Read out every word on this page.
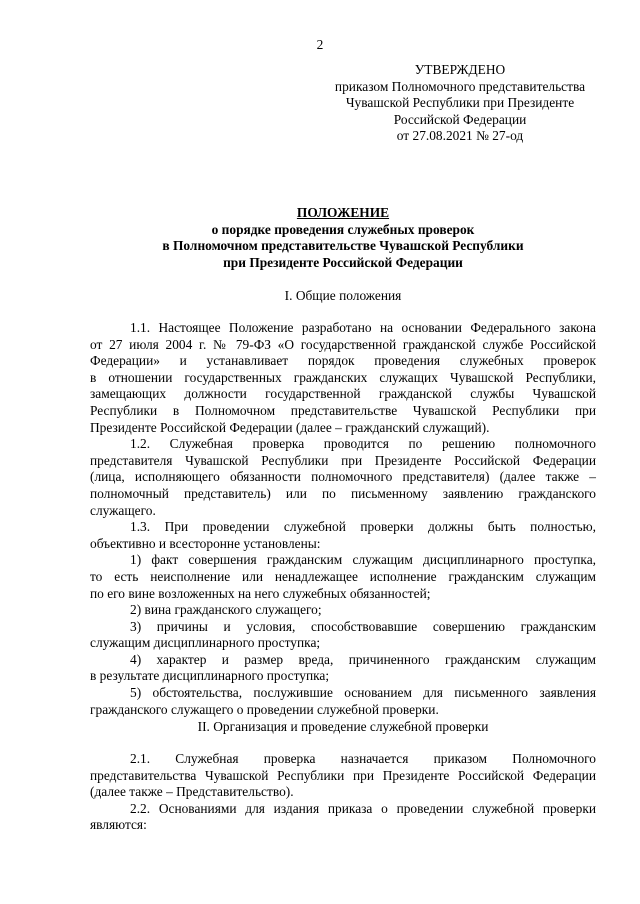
2
УТВЕРЖДЕНО
приказом Полномочного представительства
Чувашской Республики при Президенте
Российской Федерации
от 27.08.2021 № 27-од
ПОЛОЖЕНИЕ
о порядке проведения служебных проверок
в Полномочном представительстве Чувашской Республики
при Президенте Российской Федерации
I. Общие положения
1.1. Настоящее Положение разработано на основании Федерального закона
от 27 июля 2004 г. № 79-ФЗ «О государственной гражданской службе Российской
Федерации» и устанавливает порядок проведения служебных проверок
в отношении государственных гражданских служащих Чувашской Республики,
замещающих должности государственной гражданской службы Чувашской
Республики в Полномочном представительстве Чувашской Республики при
Президенте Российской Федерации (далее – гражданский служащий).
1.2. Служебная проверка проводится по решению полномочного
представителя Чувашской Республики при Президенте Российской Федерации
(лица, исполняющего обязанности полномочного представителя) (далее также –
полномочный представитель) или по письменному заявлению гражданского
служащего.
1.3. При проведении служебной проверки должны быть полностью,
объективно и всесторонне установлены:
1) факт совершения гражданским служащим дисциплинарного проступка,
то есть неисполнение или ненадлежащее исполнение гражданским служащим
по его вине возложенных на него служебных обязанностей;
2) вина гражданского служащего;
3) причины и условия, способствовавшие совершению гражданским
служащим дисциплинарного проступка;
4) характер и размер вреда, причиненного гражданским служащим
в результате дисциплинарного проступка;
5) обстоятельства, послужившие основанием для письменного заявления
гражданского служащего о проведении служебной проверки.
II. Организация и проведение служебной проверки
2.1. Служебная проверка назначается приказом Полномочного
представительства Чувашской Республики при Президенте Российской Федерации
(далее также – Представительство).
2.2. Основаниями для издания приказа о проведении служебной проверки
являются:
